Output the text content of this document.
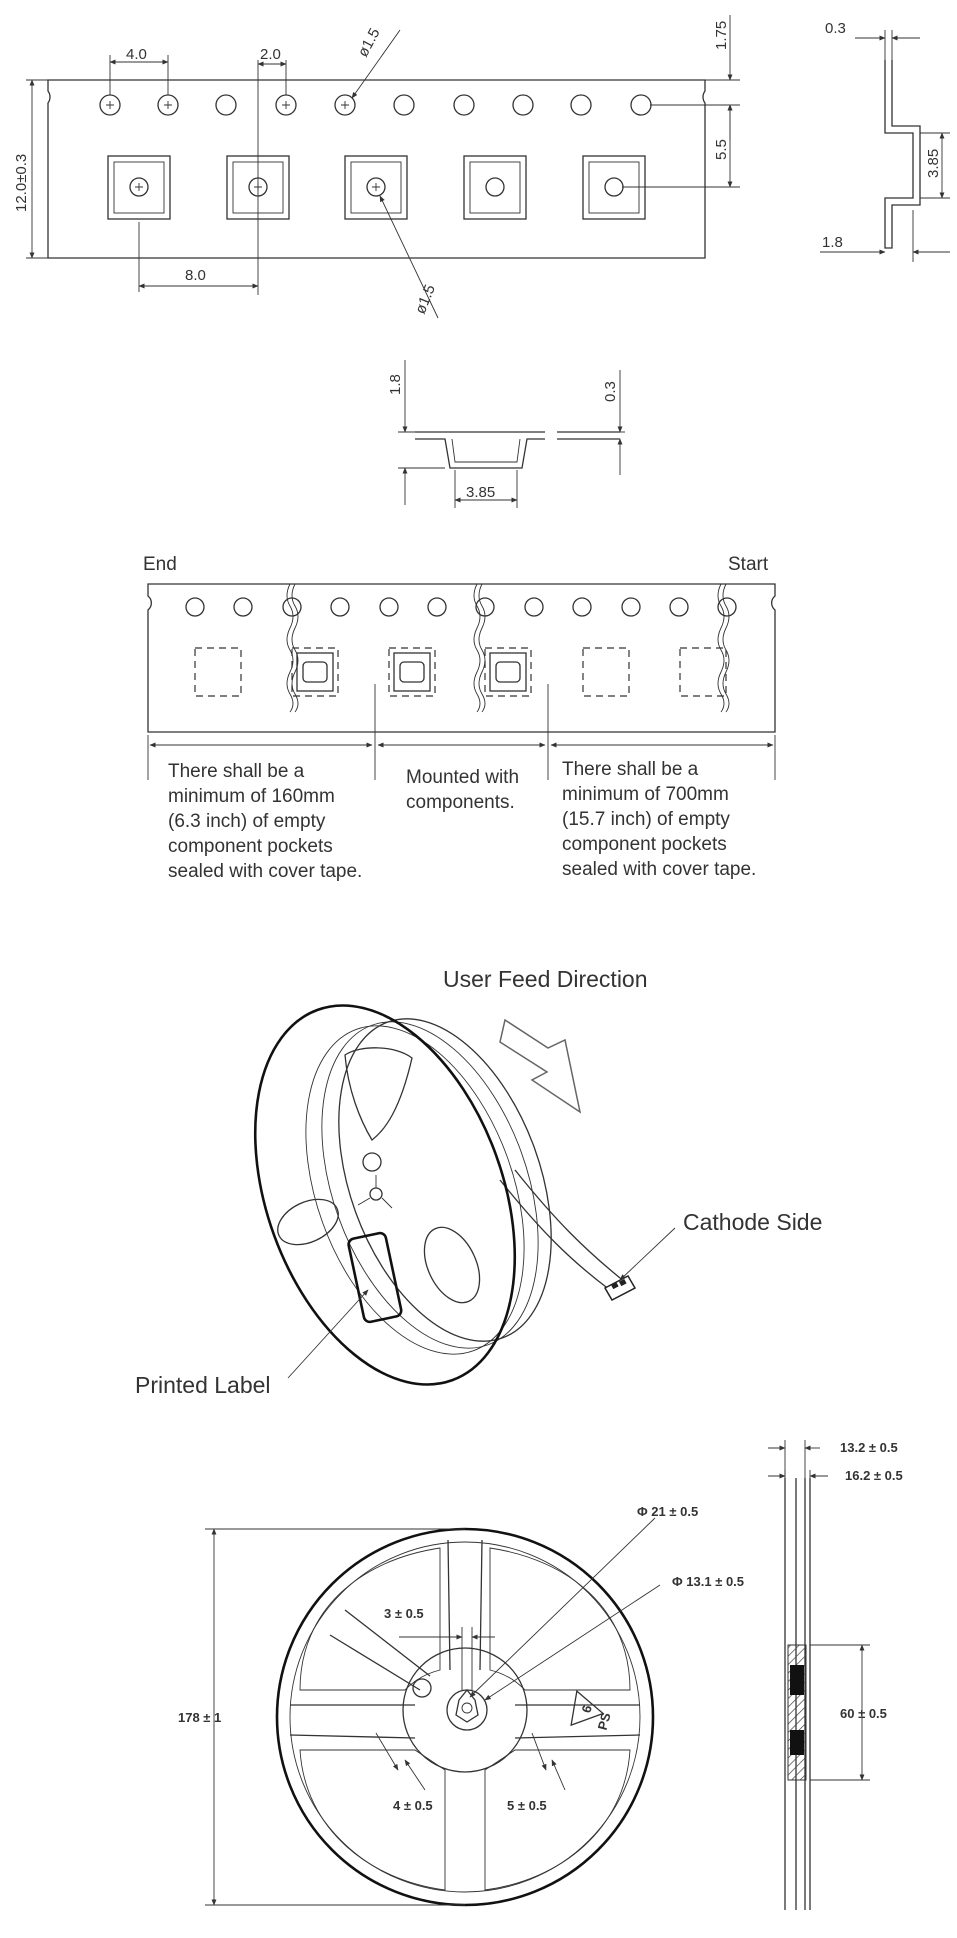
4.0	2.0	ø1.5
8.0
ø1.5
12.0±0.3
1.75
5.5
0.3
3.85
1.8
1.8	0.3
3.85
End	Start
There shall be a
minimum of 160mm
(6.3 inch) of empty
component pockets
sealed with cover tape.
Mounted with
components.
There shall be a
minimum of 700mm
(15.7 inch) of empty
component pockets
sealed with cover tape.
User Feed Direction
Cathode Side
Printed Label
6
PS
178 ± 1
Φ 21 ± 0.5
Φ 13.1 ± 0.5
3 ± 0.5
4 ± 0.5	5 ± 0.5
13.2 ± 0.5
16.2 ± 0.5
60 ± 0.5
